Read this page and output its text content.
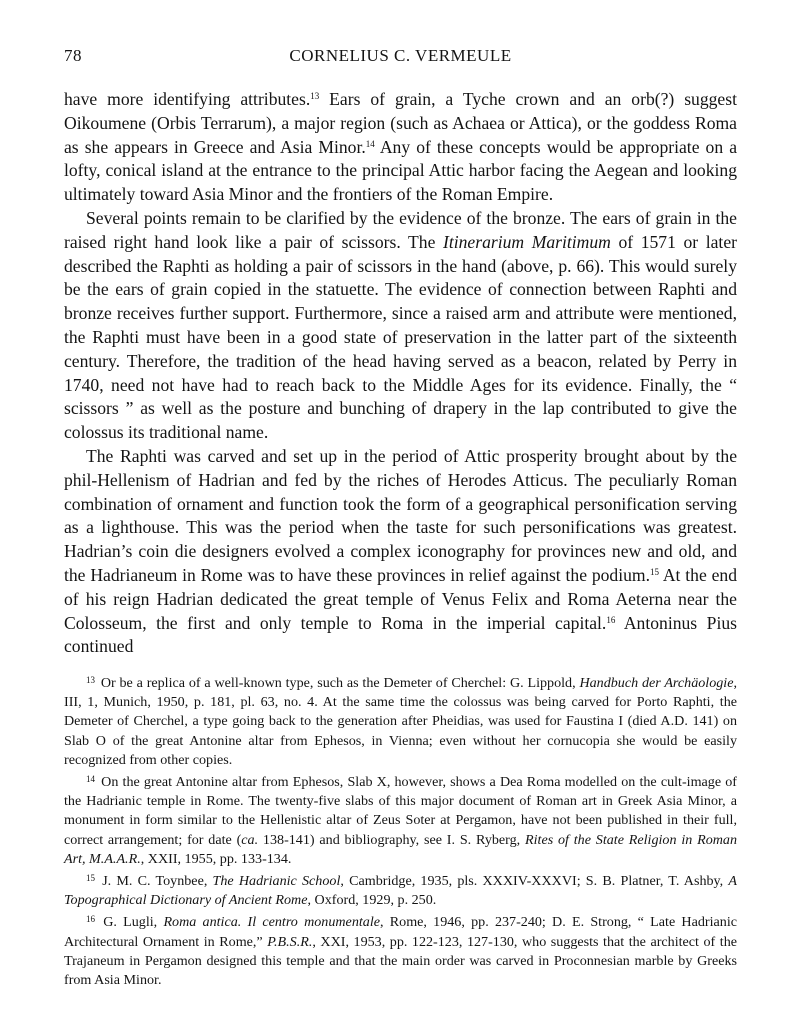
78	CORNELIUS C. VERMEULE

have more identifying attributes.$^{13}$ Ears of grain, a Tyche crown and an orb(?) suggest Oikoumene (Orbis Terrarum), a major region (such as Achaea or Attica), or the goddess Roma as she appears in Greece and Asia Minor.$^{14}$ Any of these concepts would be appropriate on a lofty, conical island at the entrance to the principal Attic harbor facing the Aegean and looking ultimately toward Asia Minor and the frontiers of the Roman Empire.

Several points remain to be clarified by the evidence of the bronze. The ears of grain in the raised right hand look like a pair of scissors. The Itinerarium Maritimum of 1571 or later described the Raphti as holding a pair of scissors in the hand (above, p. 66). This would surely be the ears of grain copied in the statuette. The evidence of connection between Raphti and bronze receives further support. Furthermore, since a raised arm and attribute were mentioned, the Raphti must have been in a good state of preservation in the latter part of the sixteenth century. Therefore, the tradition of the head having served as a beacon, related by Perry in 1740, need not have had to reach back to the Middle Ages for its evidence. Finally, the “ scissors ” as well as the posture and bunching of drapery in the lap contributed to give the colossus its traditional name.

The Raphti was carved and set up in the period of Attic prosperity brought about by the phil-Hellenism of Hadrian and fed by the riches of Herodes Atticus. The peculiarly Roman combination of ornament and function took the form of a geographical personification serving as a lighthouse. This was the period when the taste for such personifications was greatest. Hadrian’s coin die designers evolved a complex iconography for provinces new and old, and the Hadrianeum in Rome was to have these provinces in relief against the podium.$^{15}$ At the end of his reign Hadrian dedicated the great temple of Venus Felix and Roma Aeterna near the Colosseum, the first and only temple to Roma in the imperial capital.$^{16}$ Antoninus Pius continued

$^{13}$ Or be a replica of a well-known type, such as the Demeter of Cherchel: G. Lippold, Handbuch der Archäologie, III, 1, Munich, 1950, p. 181, pl. 63, no. 4. At the same time the colossus was being carved for Porto Raphti, the Demeter of Cherchel, a type going back to the generation after Pheidias, was used for Faustina I (died A.D. 141) on Slab O of the great Antonine altar from Ephesos, in Vienna; even without her cornucopia she would be easily recognized from other copies.

$^{14}$ On the great Antonine altar from Ephesos, Slab X, however, shows a Dea Roma modelled on the cult-image of the Hadrianic temple in Rome. The twenty-five slabs of this major document of Roman art in Greek Asia Minor, a monument in form similar to the Hellenistic altar of Zeus Soter at Pergamon, have not been published in their full, correct arrangement; for date (ca. 138-141) and bibliography, see I. S. Ryberg, Rites of the State Religion in Roman Art, M.A.A.R., XXII, 1955, pp. 133-134.

$^{15}$ J. M. C. Toynbee, The Hadrianic School, Cambridge, 1935, pls. XXXIV-XXXVI; S. B. Platner, T. Ashby, A Topographical Dictionary of Ancient Rome, Oxford, 1929, p. 250.

$^{16}$ G. Lugli, Roma antica. Il centro monumentale, Rome, 1946, pp. 237-240; D. E. Strong, “ Late Hadrianic Architectural Ornament in Rome,” P.B.S.R., XXI, 1953, pp. 122-123, 127-130, who suggests that the architect of the Trajaneum in Pergamon designed this temple and that the main order was carved in Proconnesian marble by Greeks from Asia Minor.
